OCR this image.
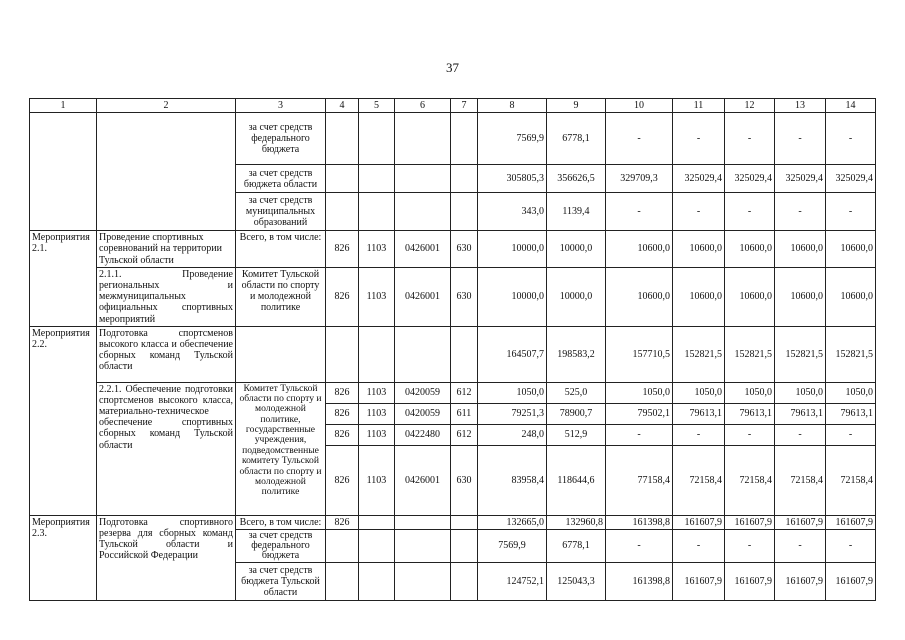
37
1	2	3	4	5	6	7	8	9	10	11	12	13	14
		за счет средств федерального бюджета					7569,9	6778,1	-	-	-	-	-
		за счет средств бюджета области					305805,3	356626,5	329709,3	325029,4	325029,4	325029,4	325029,4
		за счет средств муниципальных образований					343,0	1139,4	-	-	-	-	-
Мероприятия 2.1.	Проведение спортивных соревнований на территории Тульской области	Всего, в том числе:	826	1103	0426001	630	10000,0	10000,0	10600,0	10600,0	10600,0	10600,0	10600,0
	2.1.1. Проведение региональных и межмуниципальных официальных спортивных мероприятий	Комитет Тульской области по спорту и молодежной политике	826	1103	0426001	630	10000,0	10000,0	10600,0	10600,0	10600,0	10600,0	10600,0
Мероприятия 2.2.	Подготовка спортсменов высокого класса и обеспечение сборных команд Тульской области						164507,7	198583,2	157710,5	152821,5	152821,5	152821,5	152821,5
	2.2.1. Обеспечение подготовки спортсменов высокого класса, материально-техническое обеспечение спортивных сборных команд Тульской области	Комитет Тульской области по спорту и молодежной политике, государственные учреждения, подведомственные комитету Тульской области по спорту и молодежной политике	826	1103	0420059	612	1050,0	525,0	1050,0	1050,0	1050,0	1050,0	1050,0
			826	1103	0420059	611	79251,3	78900,7	79502,1	79613,1	79613,1	79613,1	79613,1
			826	1103	0422480	612	248,0	512,9	-	-	-	-	-
			826	1103	0426001	630	83958,4	118644,6	77158,4	72158,4	72158,4	72158,4	72158,4
Мероприятия 2.3.	Подготовка спортивного резерва для сборных команд Тульской области и Российской Федерации	Всего, в том числе:	826				132665,0	132960,8	161398,8	161607,9	161607,9	161607,9	161607,9
		за счет средств федерального бюджета					7569,9	6778,1	-	-	-	-	-
		за счет средств бюджета Тульской области					124752,1	125043,3	161398,8	161607,9	161607,9	161607,9	161607,9
